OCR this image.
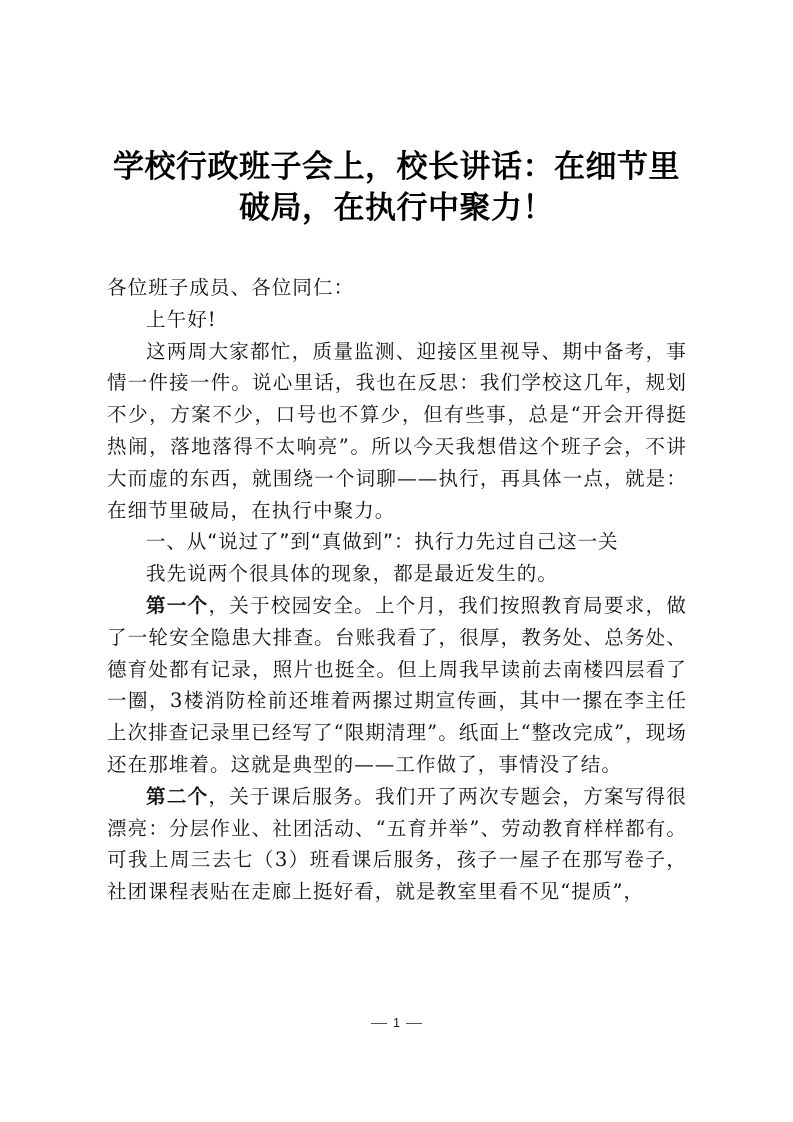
学校行政班子会上，校长讲话：在细节里
破局，在执行中聚力！

各位班子成员、各位同仁：

上午好!

这两周大家都忙，质量监测、迎接区里视导、期中备考，事情一件接一件。说心里话，我也在反思：我们学校这几年，规划不少，方案不少，口号也不算少，但有些事，总是“开会开得挺热闹，落地落得不太响亮”。所以今天我想借这个班子会，不讲大而虚的东西，就围绕一个词聊——执行，再具体一点，就是：在细节里破局，在执行中聚力。

一、从“说过了”到“真做到”：执行力先过自己这一关

我先说两个很具体的现象，都是最近发生的。

第一个，关于校园安全。上个月，我们按照教育局要求，做了一轮安全隐患大排查。台账我看了，很厚，教务处、总务处、德育处都有记录，照片也挺全。但上周我早读前去南楼四层看了一圈，3楼消防栓前还堆着两摞过期宣传画，其中一摞在李主任上次排查记录里已经写了“限期清理”。纸面上“整改完成”，现场还在那堆着。这就是典型的——工作做了，事情没了结。

第二个，关于课后服务。我们开了两次专题会，方案写得很漂亮：分层作业、社团活动、“五育并举”、劳动教育样样都有。可我上周三去七（3）班看课后服务，孩子一屋子在那写卷子，社团课程表贴在走廊上挺好看，就是教室里看不见“提质”，

1
